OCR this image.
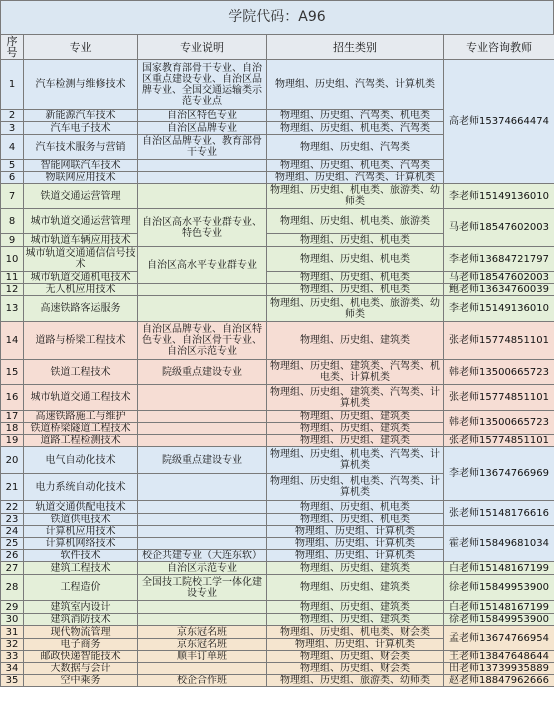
学院代码：A96
序号	专业	专业说明	招生类别	专业咨询教师
1	汽车检测与维修技术	国家教育部骨干专业、自治区重点建设专业、自治区品牌专业、全国交通运输类示范专业点	物理组、历史组、汽驾类、计算机类	高老师15374664474
2	新能源汽车技术	自治区特色专业	物理组、历史组、汽驾类、机电类	
3	汽车电子技术	自治区品牌专业	物理组、历史组、机电类、汽驾类	
4	汽车技术服务与营销	自治区品牌专业、教育部骨干专业	物理组、历史组、汽驾类	
5	智能网联汽车技术		物理组、历史组、机电类、汽驾类	
6	物联网应用技术		物理组、历史组、汽驾类、计算机类	
7	铁道交通运营管理		物理组、历史组、机电类、旅游类、幼师类	李老师15149136010
8	城市轨道交通运营管理	自治区高水平专业群专业、特色专业	物理组、历史组、机电类、旅游类	马老师18547602003
9	城市轨道车辆应用技术		物理组、历史组、机电类	
10	城市轨道交通通信信号技术	自治区高水平专业群专业	物理组、历史组、机电类	李老师13684721797
11	城市轨道交通机电技术		物理组、历史组、机电类	马老师18547602003
12	无人机应用技术		物理组、历史组、机电类	鲍老师13634760039
13	高速铁路客运服务		物理组、历史组、机电类、旅游类、幼师类	李老师15149136010
14	道路与桥梁工程技术	自治区品牌专业、自治区特色专业、自治区骨干专业、自治区示范专业	物理组、历史组、建筑类	张老师15774851101
15	铁道工程技术	院级重点建设专业	物理组、历史组、建筑类、汽驾类、机电类、计算机类	韩老师13500665723
16	城市轨道交通工程技术		物理组、历史组、建筑类、汽驾类、计算机类	张老师15774851101
17	高速铁路施工与维护		物理组、历史组、建筑类	韩老师13500665723
18	铁道桥梁隧道工程技术		物理组、历史组、建筑类	
19	道路工程检测技术		物理组、历史组、建筑类	张老师15774851101
20	电气自动化技术	院级重点建设专业	物理组、历史组、机电类、汽驾类、计算机类	李老师13674766969
21	电力系统自动化技术		物理组、历史组、机电类、汽驾类、计算机类	
22	轨道交通供配电技术		物理组、历史组、机电类	张老师15148176616
23	铁道供电技术		物理组、历史组、机电类	
24	计算机应用技术		物理组、历史组、计算机类	霍老师15849681034
25	计算机网络技术		物理组、历史组、计算机类	
26	软件技术	校企共建专业（大连东软）	物理组、历史组、计算机类	
27	建筑工程技术	自治区示范专业	物理组、历史组、建筑类	白老师15148167199
28	工程造价	全国技工院校工学一体化建设专业	物理组、历史组、建筑类	徐老师15849953900
29	建筑室内设计		物理组、历史组、建筑类	白老师15148167199
30	建筑消防技术		物理组、历史组、建筑类	徐老师15849953900
31	现代物流管理	京东冠名班	物理组、历史组、机电类、财会类	孟老师13674766954
32	电子商务	京东冠名班	物理组、历史组、计算机类	
33	邮政快递智能技术	顺丰订单班	物理组、历史组、财会类	王老师13847648644
34	大数据与会计		物理组、历史组、财会类	田老师13739935889
35	空中乘务	校企合作班	物理组、历史组、旅游类、幼师类	赵老师18847962666
